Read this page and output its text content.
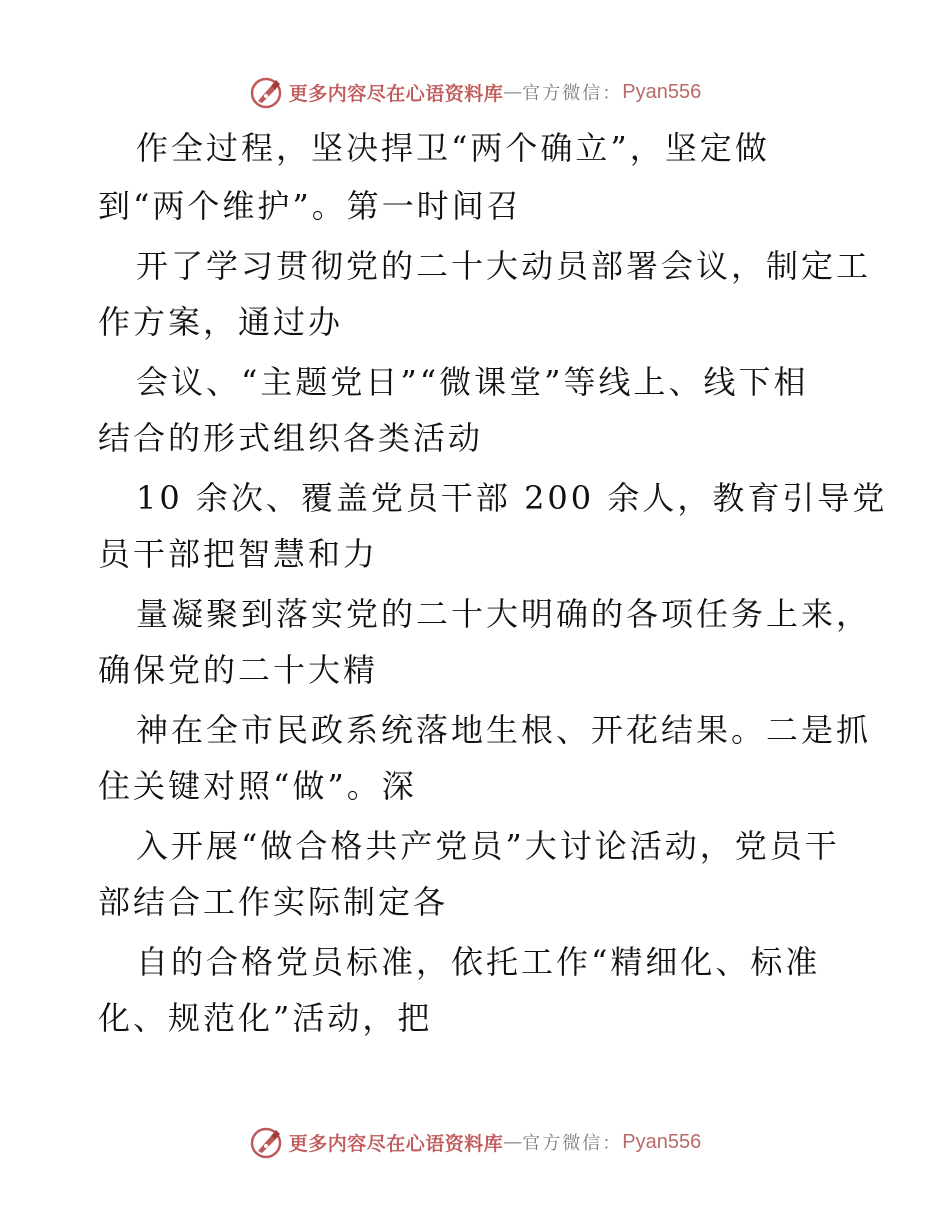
更多内容尽在心语资料库 — 官方微信： Pyan556
作全过程，坚决捍卫“两个确立”，坚定做
到“两个维护”。第一时间召
开了学习贯彻党的二十大动员部署会议，制定工
作方案，通过办
会议、“主题党日”“微课堂”等线上、线下相
结合的形式组织各类活动
10 余次、覆盖党员干部 200 余人，教育引导党
员干部把智慧和力
量凝聚到落实党的二十大明确的各项任务上来，
确保党的二十大精
神在全市民政系统落地生根、开花结果。二是抓
住关键对照“做”。深
入开展“做合格共产党员”大讨论活动，党员干
部结合工作实际制定各
自的合格党员标准，依托工作“精细化、标准
化、规范化”活动，把
更多内容尽在心语资料库 — 官方微信： Pyan556
